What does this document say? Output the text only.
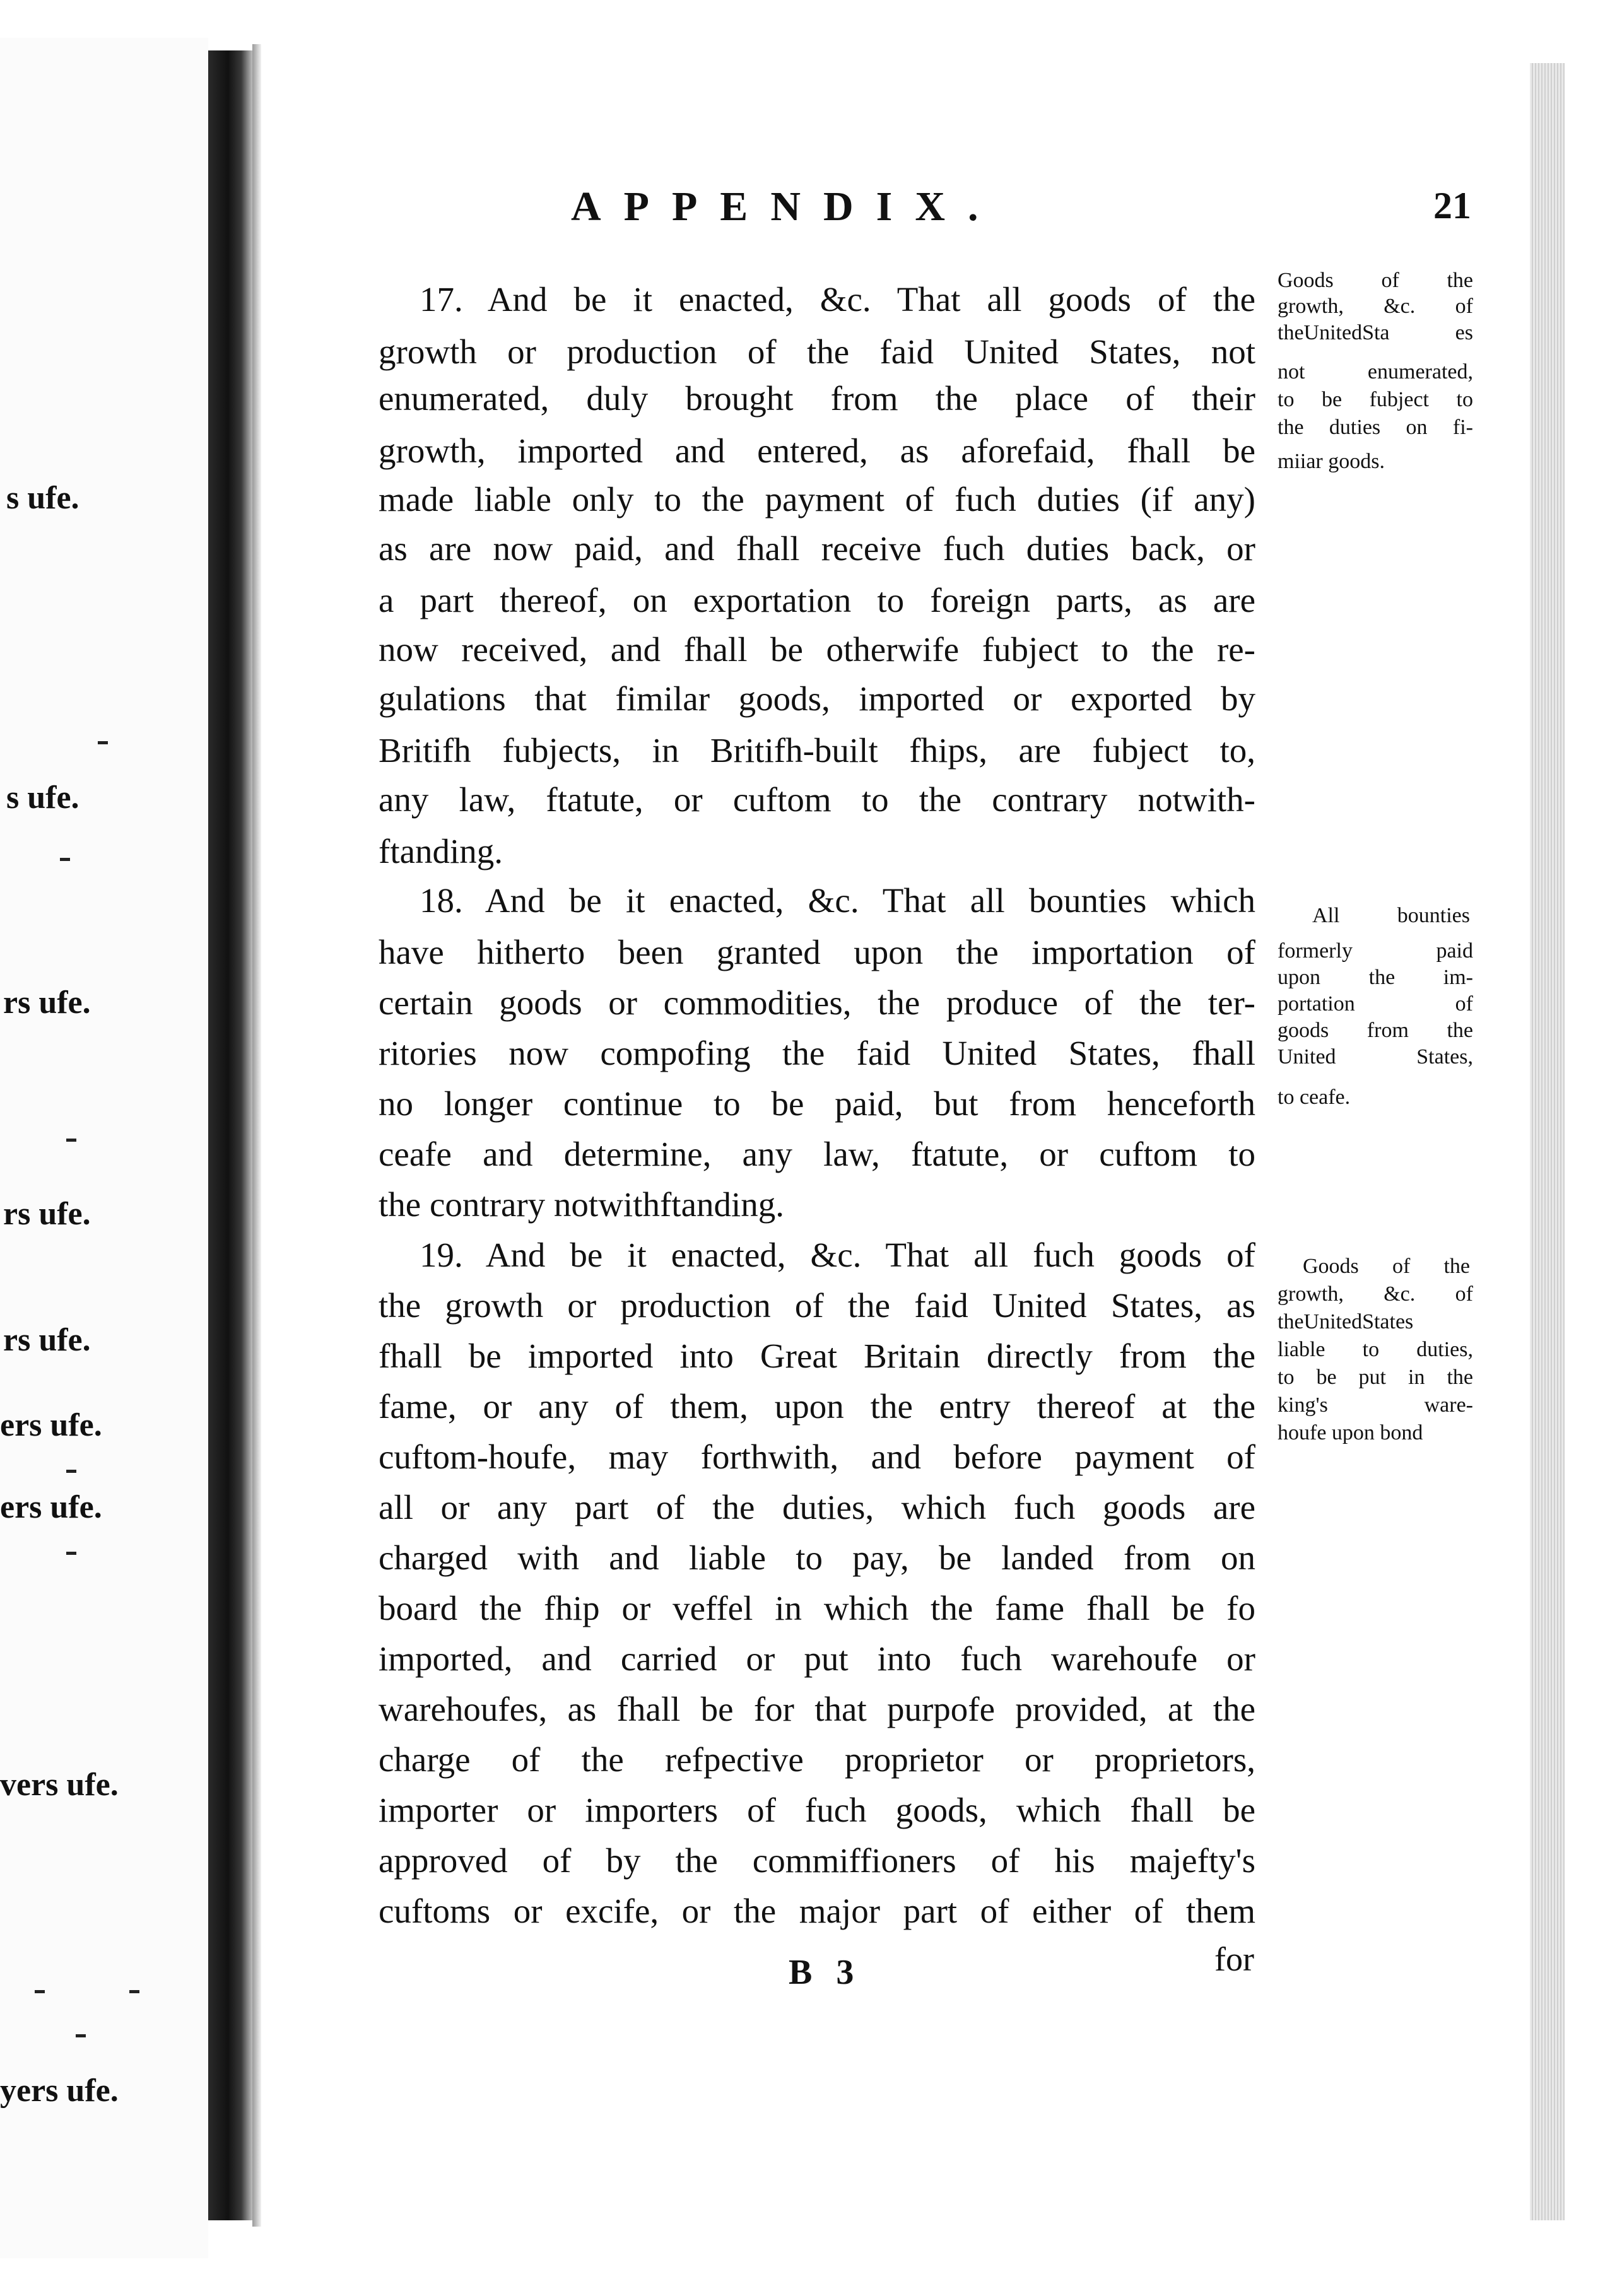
s ufe.
s ufe.
rs ufe.
rs ufe.
rs ufe.
ers ufe.
ers ufe.
vers ufe.
yers ufe.
APPENDIX.	21
17. And be it enacted, &c. That all goods of the
growth or production of the faid United States, not
enumerated, duly brought from the place of their
growth, imported and entered, as aforefaid, fhall be
made liable only to the payment of fuch duties (if any)
as are now paid, and fhall receive fuch duties back, or
a part thereof, on exportation to foreign parts, as are
now received, and fhall be otherwife fubject to the re-
gulations that fimilar goods, imported or exported by
Britifh fubjects, in Britifh-built fhips, are fubject to,
any law, ftatute, or cuftom to the contrary notwith-
ftanding.
Goods of the
growth, &c. of
theUnitedSta es
not enumerated,
to be fubject to
the duties on fi-
miiar goods.
18. And be it enacted, &c. That all bounties which
have hitherto been granted upon the importation of
certain goods or commodities, the produce of the ter-
ritories now compofing the faid United States, fhall
no longer continue to be paid, but from henceforth
ceafe and determine, any law, ftatute, or cuftom to
the contrary notwithftanding.
All bounties
formerly paid
upon the im-
portation of
goods from the
United States,
to ceafe.
19. And be it enacted, &c. That all fuch goods of
the growth or production of the faid United States, as
fhall be imported into Great Britain directly from the
fame, or any of them, upon the entry thereof at the
cuftom-houfe, may forthwith, and before payment of
all or any part of the duties, which fuch goods are
charged with and liable to pay, be landed from on
board the fhip or veffel in which the fame fhall be fo
imported, and carried or put into fuch warehoufe or
warehoufes, as fhall be for that purpofe provided, at the
charge of the refpective proprietor or proprietors,
importer or importers of fuch goods, which fhall be
approved of by the commiffioners of his majefty's
cuftoms or excife, or the major part of either of them
Goods of the
growth, &c. of
theUnitedStates
liable to duties,
to be put in the
king's ware-
houfe upon bond
B 3	for
